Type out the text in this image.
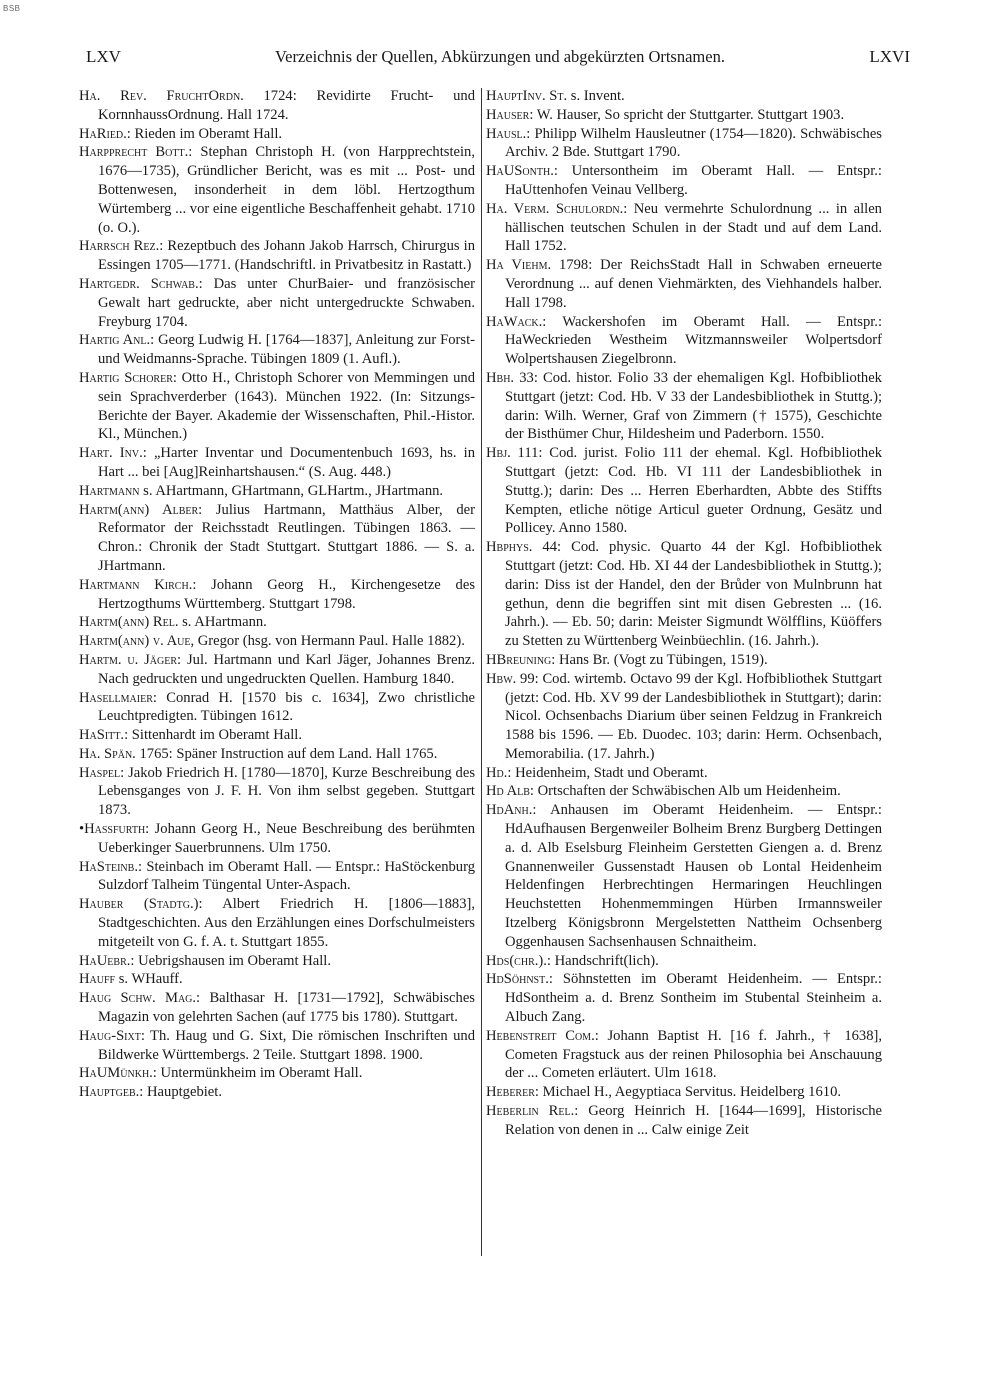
BSB
LXV	Verzeichnis der Quellen, Abkürzungen und abgekürzten Ortsnamen.	LXVI

Ha. Rev. FruchtOrdn. 1724: Revidirte Frucht- und KornnhaussOrdnung. Hall 1724.

HaRied.: Rieden im Oberamt Hall.

Harpprecht Bott.: Stephan Christoph H. (von Harpprechtstein, 1676—1735), Gründlicher Bericht, was es mit ... Post- und Bottenwesen, insonderheit in dem löbl. Hertzogthum Würtemberg ... vor eine eigentliche Beschaffenheit gehabt. 1710 (o. O.).

Harrsch Rez.: Rezeptbuch des Johann Jakob Harrsch, Chirurgus in Essingen 1705—1771. (Handschriftl. in Privatbesitz in Rastatt.)

Hartgedr. Schwab.: Das unter ChurBaier- und französischer Gewalt hart gedruckte, aber nicht untergedruckte Schwaben. Freyburg 1704.

Hartig Anl.: Georg Ludwig H. [1764—1837], Anleitung zur Forst- und Weidmanns-Sprache. Tübingen 1809 (1. Aufl.).

Hartig Schorer: Otto H., Christoph Schorer von Memmingen und sein Sprachverderber (1643). München 1922. (In: Sitzungs-Berichte der Bayer. Akademie der Wissenschaften, Phil.-Histor. Kl., München.)

Hart. Inv.: „Harter Inventar und Documentenbuch 1693, hs. in Hart ... bei [Aug]Reinhartshausen.“ (S. Aug. 448.)

Hartmann s. AHartmann, GHartmann, GLHartm., JHartmann.

Hartm(ann) Alber: Julius Hartmann, Matthäus Alber, der Reformator der Reichsstadt Reutlingen. Tübingen 1863. — Chron.: Chronik der Stadt Stuttgart. Stuttgart 1886. — S. a. JHartmann.

Hartmann Kirch.: Johann Georg H., Kirchengesetze des Hertzogthums Württemberg. Stuttgart 1798.

Hartm(ann) Rel. s. AHartmann.

Hartm(ann) v. Aue, Gregor (hsg. von Hermann Paul. Halle 1882).

Hartm. u. Jäger: Jul. Hartmann und Karl Jäger, Johannes Brenz. Nach gedruckten und ungedruckten Quellen. Hamburg 1840.

Hasellmaier: Conrad H. [1570 bis c. 1634], Zwo christliche Leuchtpredigten. Tübingen 1612.

HaSitt.: Sittenhardt im Oberamt Hall.

Ha. Spän. 1765: Späner Instruction auf dem Land. Hall 1765.

Haspel: Jakob Friedrich H. [1780—1870], Kurze Beschreibung des Lebensganges von J. F. H. Von ihm selbst gegeben. Stuttgart 1873.

•Hassfurth: Johann Georg H., Neue Beschreibung des berühmten Ueberkinger Sauerbrunnens. Ulm 1750.

HaSteinb.: Steinbach im Oberamt Hall. — Entspr.: HaStöckenburg Sulzdorf Talheim Tüngental Unter-Aspach.

Hauber (Stadtg.): Albert Friedrich H. [1806—1883], Stadtgeschichten. Aus den Erzählungen eines Dorfschulmeisters mitgeteilt von G. f. A. t. Stuttgart 1855.

HaUebr.: Uebrigshausen im Oberamt Hall.

Hauff s. WHauff.

Haug Schw. Mag.: Balthasar H. [1731—1792], Schwäbisches Magazin von gelehrten Sachen (auf 1775 bis 1780). Stuttgart.

Haug-Sixt: Th. Haug und G. Sixt, Die römischen Inschriften und Bildwerke Württembergs. 2 Teile. Stuttgart 1898. 1900.

HaUMünkh.: Untermünkheim im Oberamt Hall.

Hauptgeb.: Hauptgebiet.

HauptInv. St. s. Invent.

Hauser: W. Hauser, So spricht der Stuttgarter. Stuttgart 1903.

Hausl.: Philipp Wilhelm Hausleutner (1754—1820). Schwäbisches Archiv. 2 Bde. Stuttgart 1790.

HaUSonth.: Untersontheim im Oberamt Hall. — Entspr.: HaUttenhofen Veinau Vellberg.

Ha. Verm. Schulordn.: Neu vermehrte Schulordnung ... in allen hällischen teutschen Schulen in der Stadt und auf dem Land. Hall 1752.

Ha Viehm. 1798: Der ReichsStadt Hall in Schwaben erneuerte Verordnung ... auf denen Viehmärkten, des Viehhandels halber. Hall 1798.

HaWack.: Wackershofen im Oberamt Hall. — Entspr.: HaWeckrieden Westheim Witzmannsweiler Wolpertsdorf Wolpertshausen Ziegelbronn.

Hbh. 33: Cod. histor. Folio 33 der ehemaligen Kgl. Hofbibliothek Stuttgart (jetzt: Cod. Hb. V 33 der Landesbibliothek in Stuttg.); darin: Wilh. Werner, Graf von Zimmern († 1575), Geschichte der Bisthümer Chur, Hildesheim und Paderborn. 1550.

Hbj. 111: Cod. jurist. Folio 111 der ehemal. Kgl. Hofbibliothek Stuttgart (jetzt: Cod. Hb. VI 111 der Landesbibliothek in Stuttg.); darin: Des ... Herren Eberhardten, Abbte des Stiffts Kempten, etliche nötige Articul gueter Ordnung, Gesätz und Pollicey. Anno 1580.

Hbphys. 44: Cod. physic. Quarto 44 der Kgl. Hofbibliothek Stuttgart (jetzt: Cod. Hb. XI 44 der Landesbibliothek in Stuttg.); darin: Diss ist der Handel, den der Brůder von Mulnbrunn hat gethun, denn die begriffen sint mit disen Gebresten ... (16. Jahrh.). — Eb. 50; darin: Meister Sigmundt Wölfflins, Küöffers zu Stetten zu Württenberg Weinbüechlin. (16. Jahrh.).

HBreuning: Hans Br. (Vogt zu Tübingen, 1519).

Hbw. 99: Cod. wirtemb. Octavo 99 der Kgl. Hofbibliothek Stuttgart (jetzt: Cod. Hb. XV 99 der Landesbibliothek in Stuttgart); darin: Nicol. Ochsenbachs Diarium über seinen Feldzug in Frankreich 1588 bis 1596. — Eb. Duodec. 103; darin: Herm. Ochsenbach, Memorabilia. (17. Jahrh.)

Hd.: Heidenheim, Stadt und Oberamt.

Hd Alb: Ortschaften der Schwäbischen Alb um Heidenheim.

HdAnh.: Anhausen im Oberamt Heidenheim. — Entspr.: HdAufhausen Bergenweiler Bolheim Brenz Burgberg Dettingen a. d. Alb Eselsburg Fleinheim Gerstetten Giengen a. d. Brenz Gnannenweiler Gussenstadt Hausen ob Lontal Heidenheim Heldenfingen Herbrechtingen Hermaringen Heuchlingen Heuchstetten Hohenmemmingen Hürben Irmannsweiler Itzelberg Königsbronn Mergelstetten Nattheim Ochsenberg Oggenhausen Sachsenhausen Schnaitheim.

Hds(chr.).: Handschrift(lich).

HdSöhnst.: Söhnstetten im Oberamt Heidenheim. — Entspr.: HdSontheim a. d. Brenz Sontheim im Stubental Steinheim a. Albuch Zang.

Hebenstreit Com.: Johann Baptist H. [16 f. Jahrh., † 1638], Cometen Fragstuck aus der reinen Philosophia bei Anschauung der ... Cometen erläutert. Ulm 1618.

Heberer: Michael H., Aegyptiaca Servitus. Heidelberg 1610.

Heberlin Rel.: Georg Heinrich H. [1644—1699], Historische Relation von denen in ... Calw einige Zeit
